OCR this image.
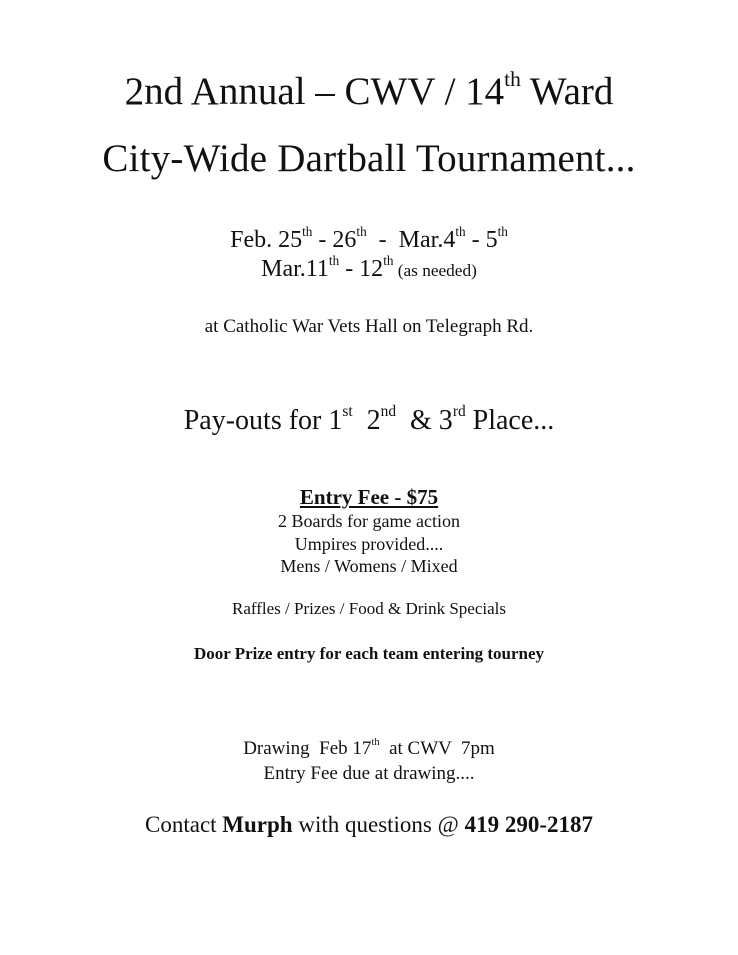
2nd Annual – CWV / 14th Ward
City-Wide Dartball Tournament...
Feb. 25th - 26th  -  Mar.4th - 5th
Mar.11th - 12th (as needed)
at Catholic War Vets Hall on Telegraph Rd.
Pay-outs for 1st  2nd  & 3rd Place...
Entry Fee - $75
2 Boards for game action
Umpires provided....
Mens / Womens / Mixed
Raffles / Prizes / Food & Drink Specials
Door Prize entry for each team entering tourney
Drawing  Feb 17th  at CWV  7pm
Entry Fee due at drawing....
Contact Murph with questions @ 419 290-2187
